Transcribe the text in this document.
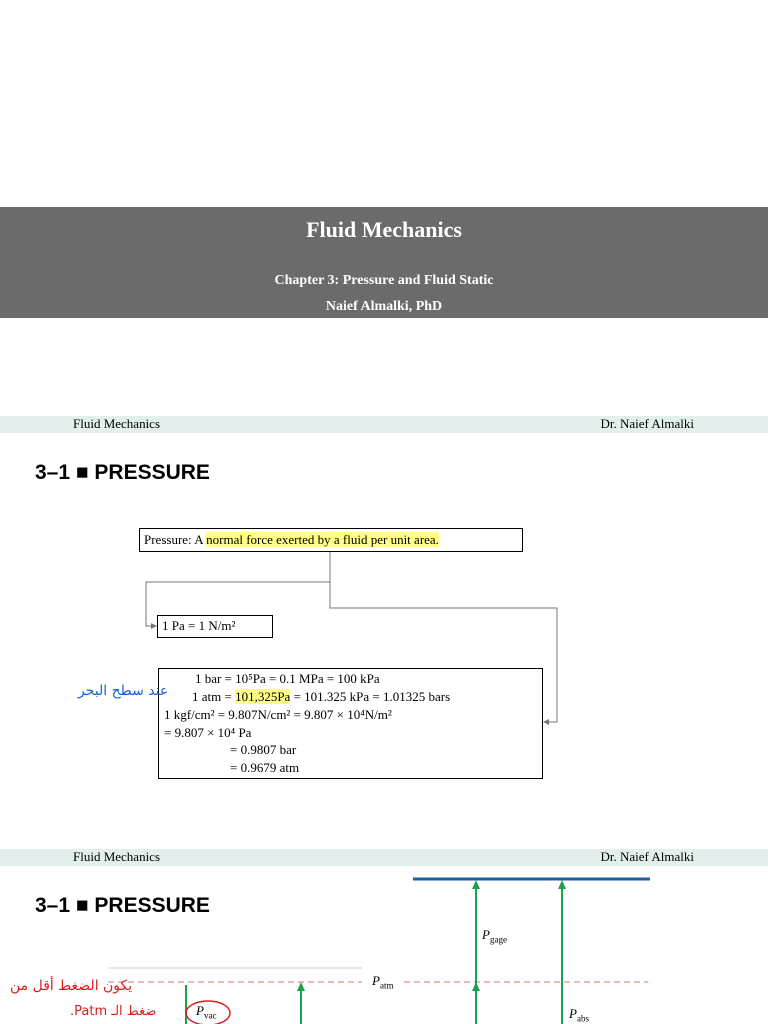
Fluid Mechanics
Chapter 3: Pressure and Fluid Static
Naief Almalki, PhD
Fluid Mechanics	Dr. Naief Almalki
3–1 ■ PRESSURE
Pressure: A normal force exerted by a fluid per unit area.
1 Pa = 1 N/m²
1 bar = 10⁵Pa = 0.1 MPa = 100 kPa
1 atm = 101,325Pa = 101.325 kPa = 1.01325 bars
1 kgf/cm² = 9.807N/cm² = 9.807 × 10⁴N/m²
= 9.807 × 10⁴ Pa
= 0.9807 bar
= 0.9679 atm
عند سطح البحر
Fluid Mechanics	Dr. Naief Almalki
3–1 ■ PRESSURE
$P_{gage}$
$P_{atm}$
$P_{abs}$
$P_{vac}$
يكون الضغط أقل من
ضغط الـ Patm.
